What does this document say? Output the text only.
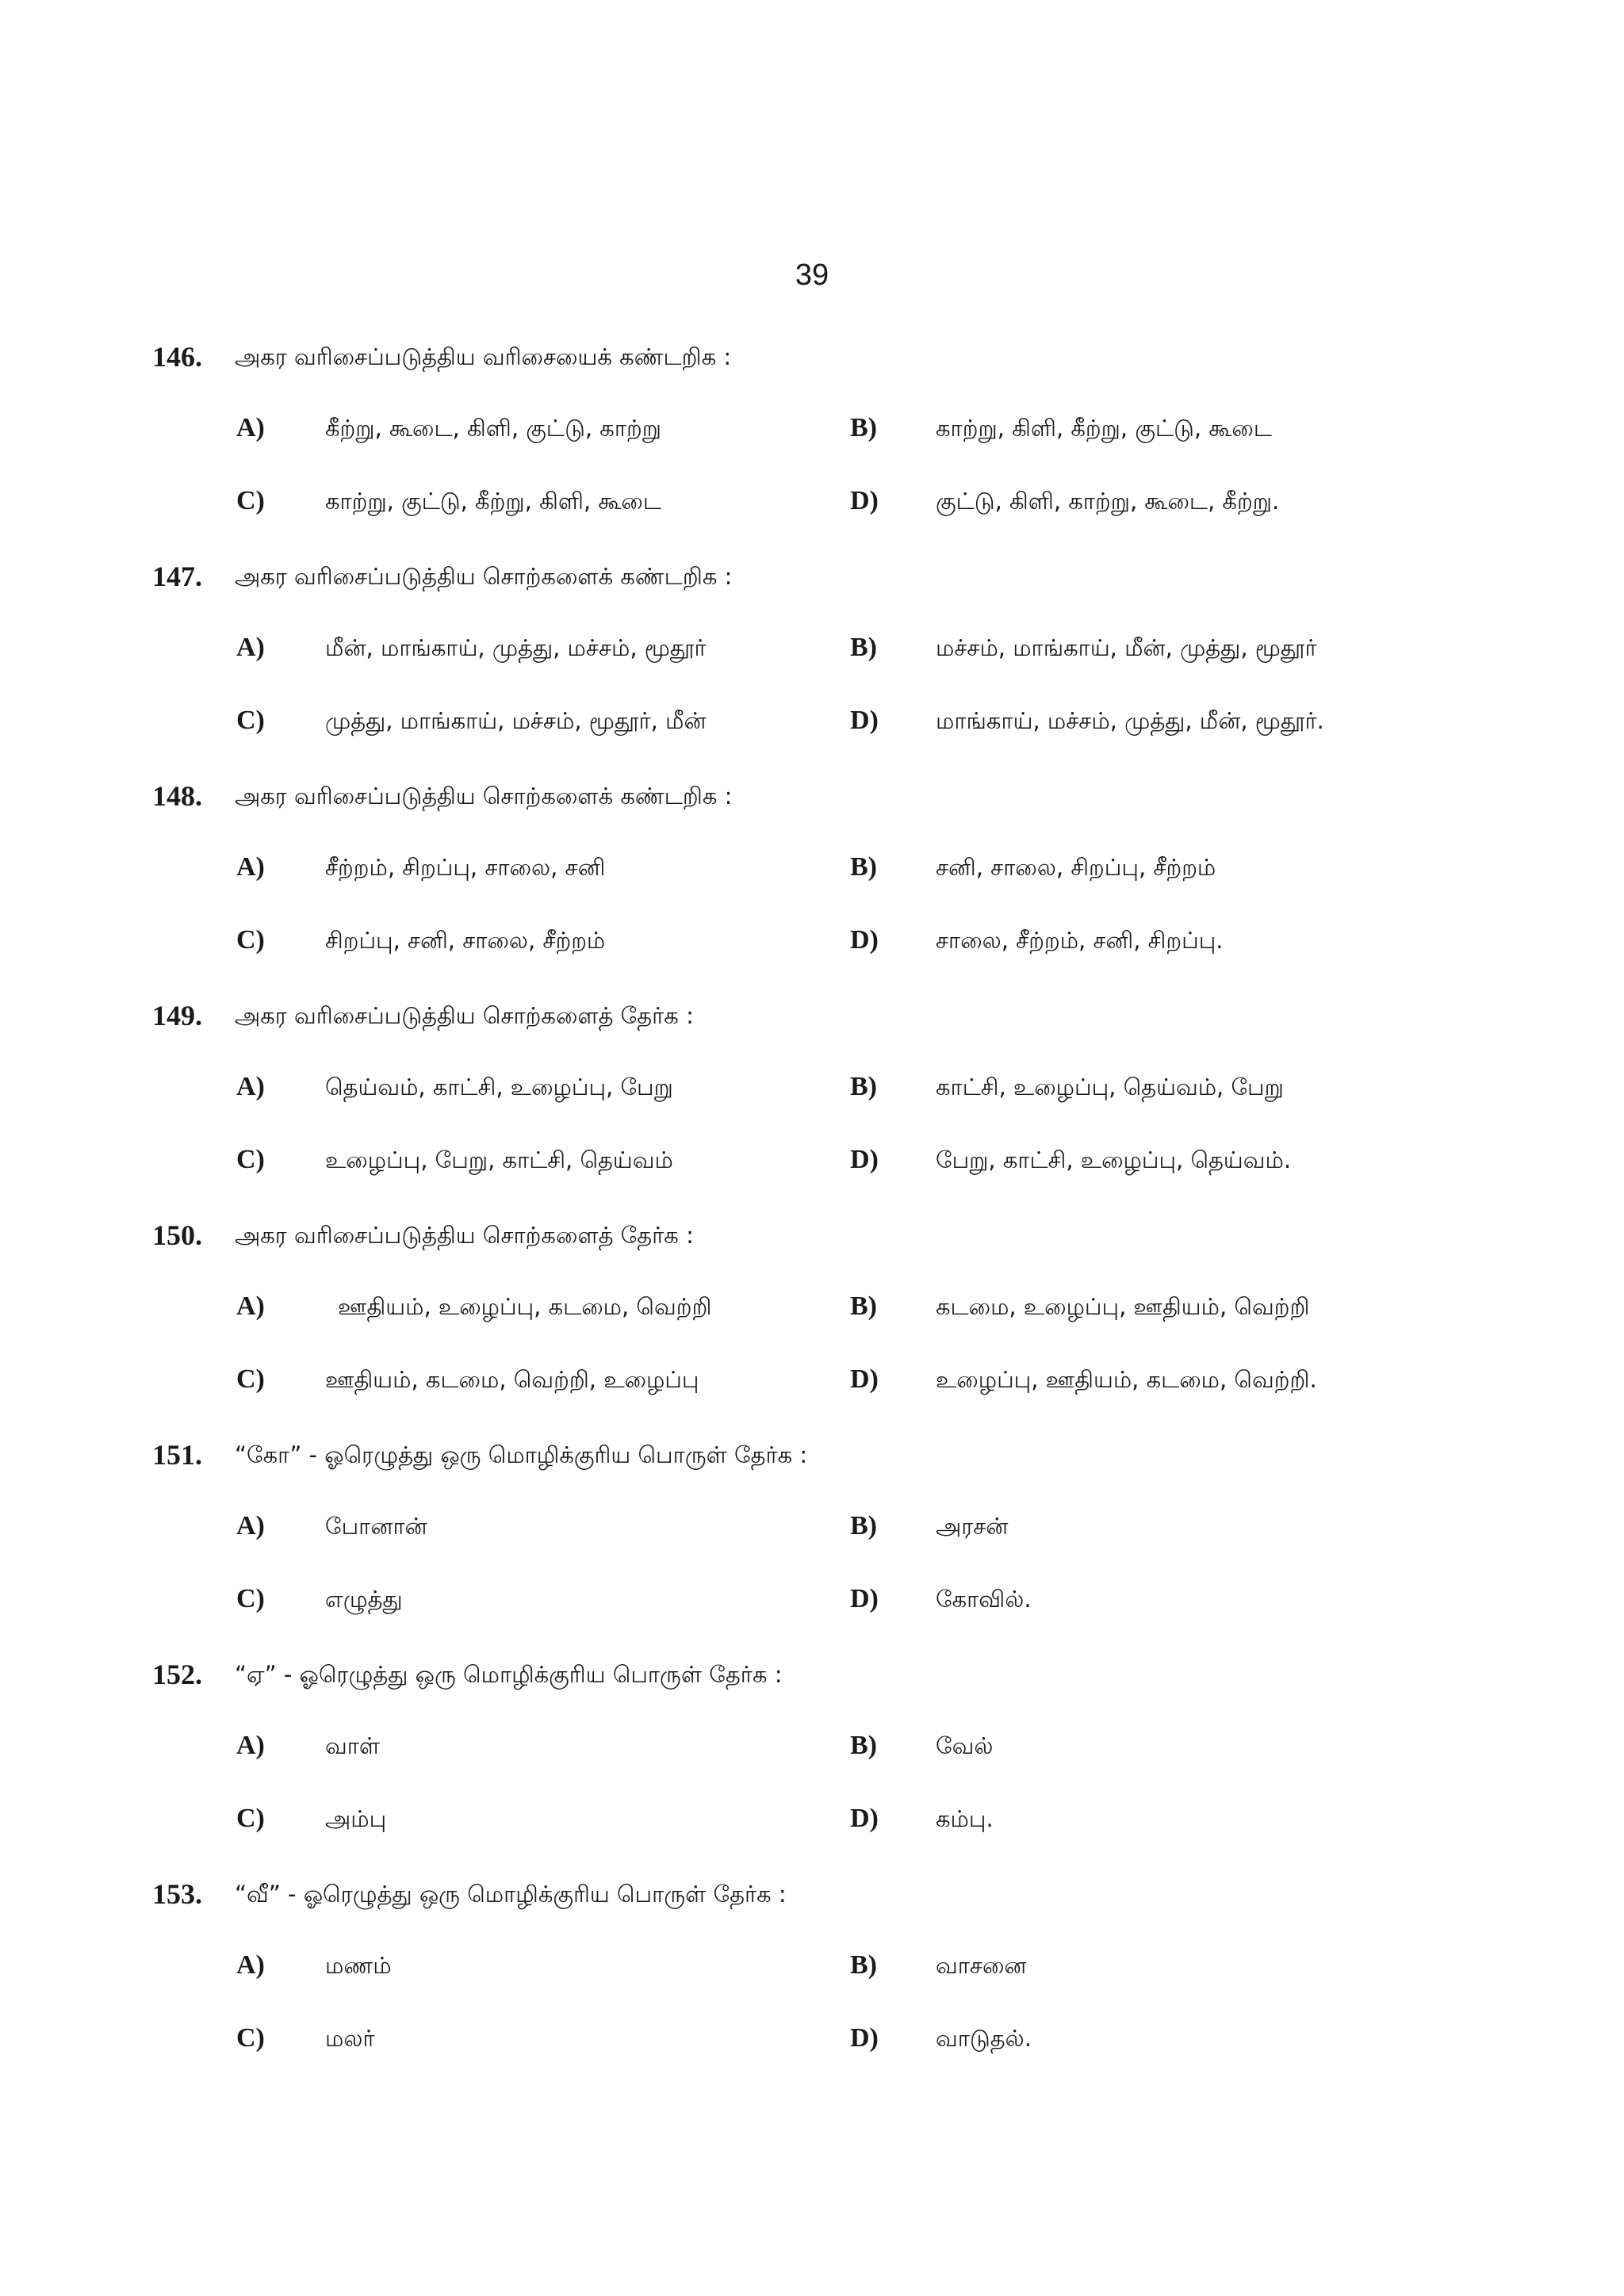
39
146. அகர வரிசைப்படுத்திய வரிசையைக் கண்டறிக :
A)	கீற்று, கூடை, கிளி, குட்டு, காற்று	B)	காற்று, கிளி, கீற்று, குட்டு, கூடை
C)	காற்று, குட்டு, கீற்று, கிளி, கூடை	D) குட்டு, கிளி, காற்று, கூடை, கீற்று.
147. அகர வரிசைப்படுத்திய சொற்களைக் கண்டறிக :
A)	மீன், மாங்காய், முத்து, மச்சம், மூதூர்	B)	மச்சம், மாங்காய், மீன், முத்து, மூதூர்
C)	முத்து, மாங்காய், மச்சம், மூதூர், மீன்	D) மாங்காய், மச்சம், முத்து, மீன், மூதூர்.
148. அகர வரிசைப்படுத்திய சொற்களைக் கண்டறிக :
A)	சீற்றம், சிறப்பு, சாலை, சனி	B)	சனி, சாலை, சிறப்பு, சீற்றம்
C)	சிறப்பு, சனி, சாலை, சீற்றம்	D) சாலை, சீற்றம், சனி, சிறப்பு.
149. அகர வரிசைப்படுத்திய சொற்களைத் தேர்க :
A)	தெய்வம், காட்சி, உழைப்பு, பேறு	B)	காட்சி, உழைப்பு, தெய்வம், பேறு
C)	உழைப்பு, பேறு, காட்சி, தெய்வம்	D) பேறு, காட்சி, உழைப்பு, தெய்வம்.
150. அகர வரிசைப்படுத்திய சொற்களைத் தேர்க :
A)	ஊதியம், உழைப்பு, கடமை, வெற்றி	B)	கடமை, உழைப்பு, ஊதியம், வெற்றி
C)	ஊதியம், கடமை, வெற்றி, உழைப்பு	D) உழைப்பு, ஊதியம், கடமை, வெற்றி.
151. “கோ” - ஓரெழுத்து ஒரு மொழிக்குரிய பொருள் தேர்க :
A)	போனான்	B)	அரசன்
C)	எழுத்து	D) கோவில்.
152. “ஏ” - ஓரெழுத்து ஒரு மொழிக்குரிய பொருள் தேர்க :
A)	வாள்	B)	வேல்
C)	அம்பு	D) கம்பு.
153. “வீ” - ஓரெழுத்து ஒரு மொழிக்குரிய பொருள் தேர்க :
A)	மணம்	B)	வாசனை
C)	மலர்	D) வாடுதல்.
